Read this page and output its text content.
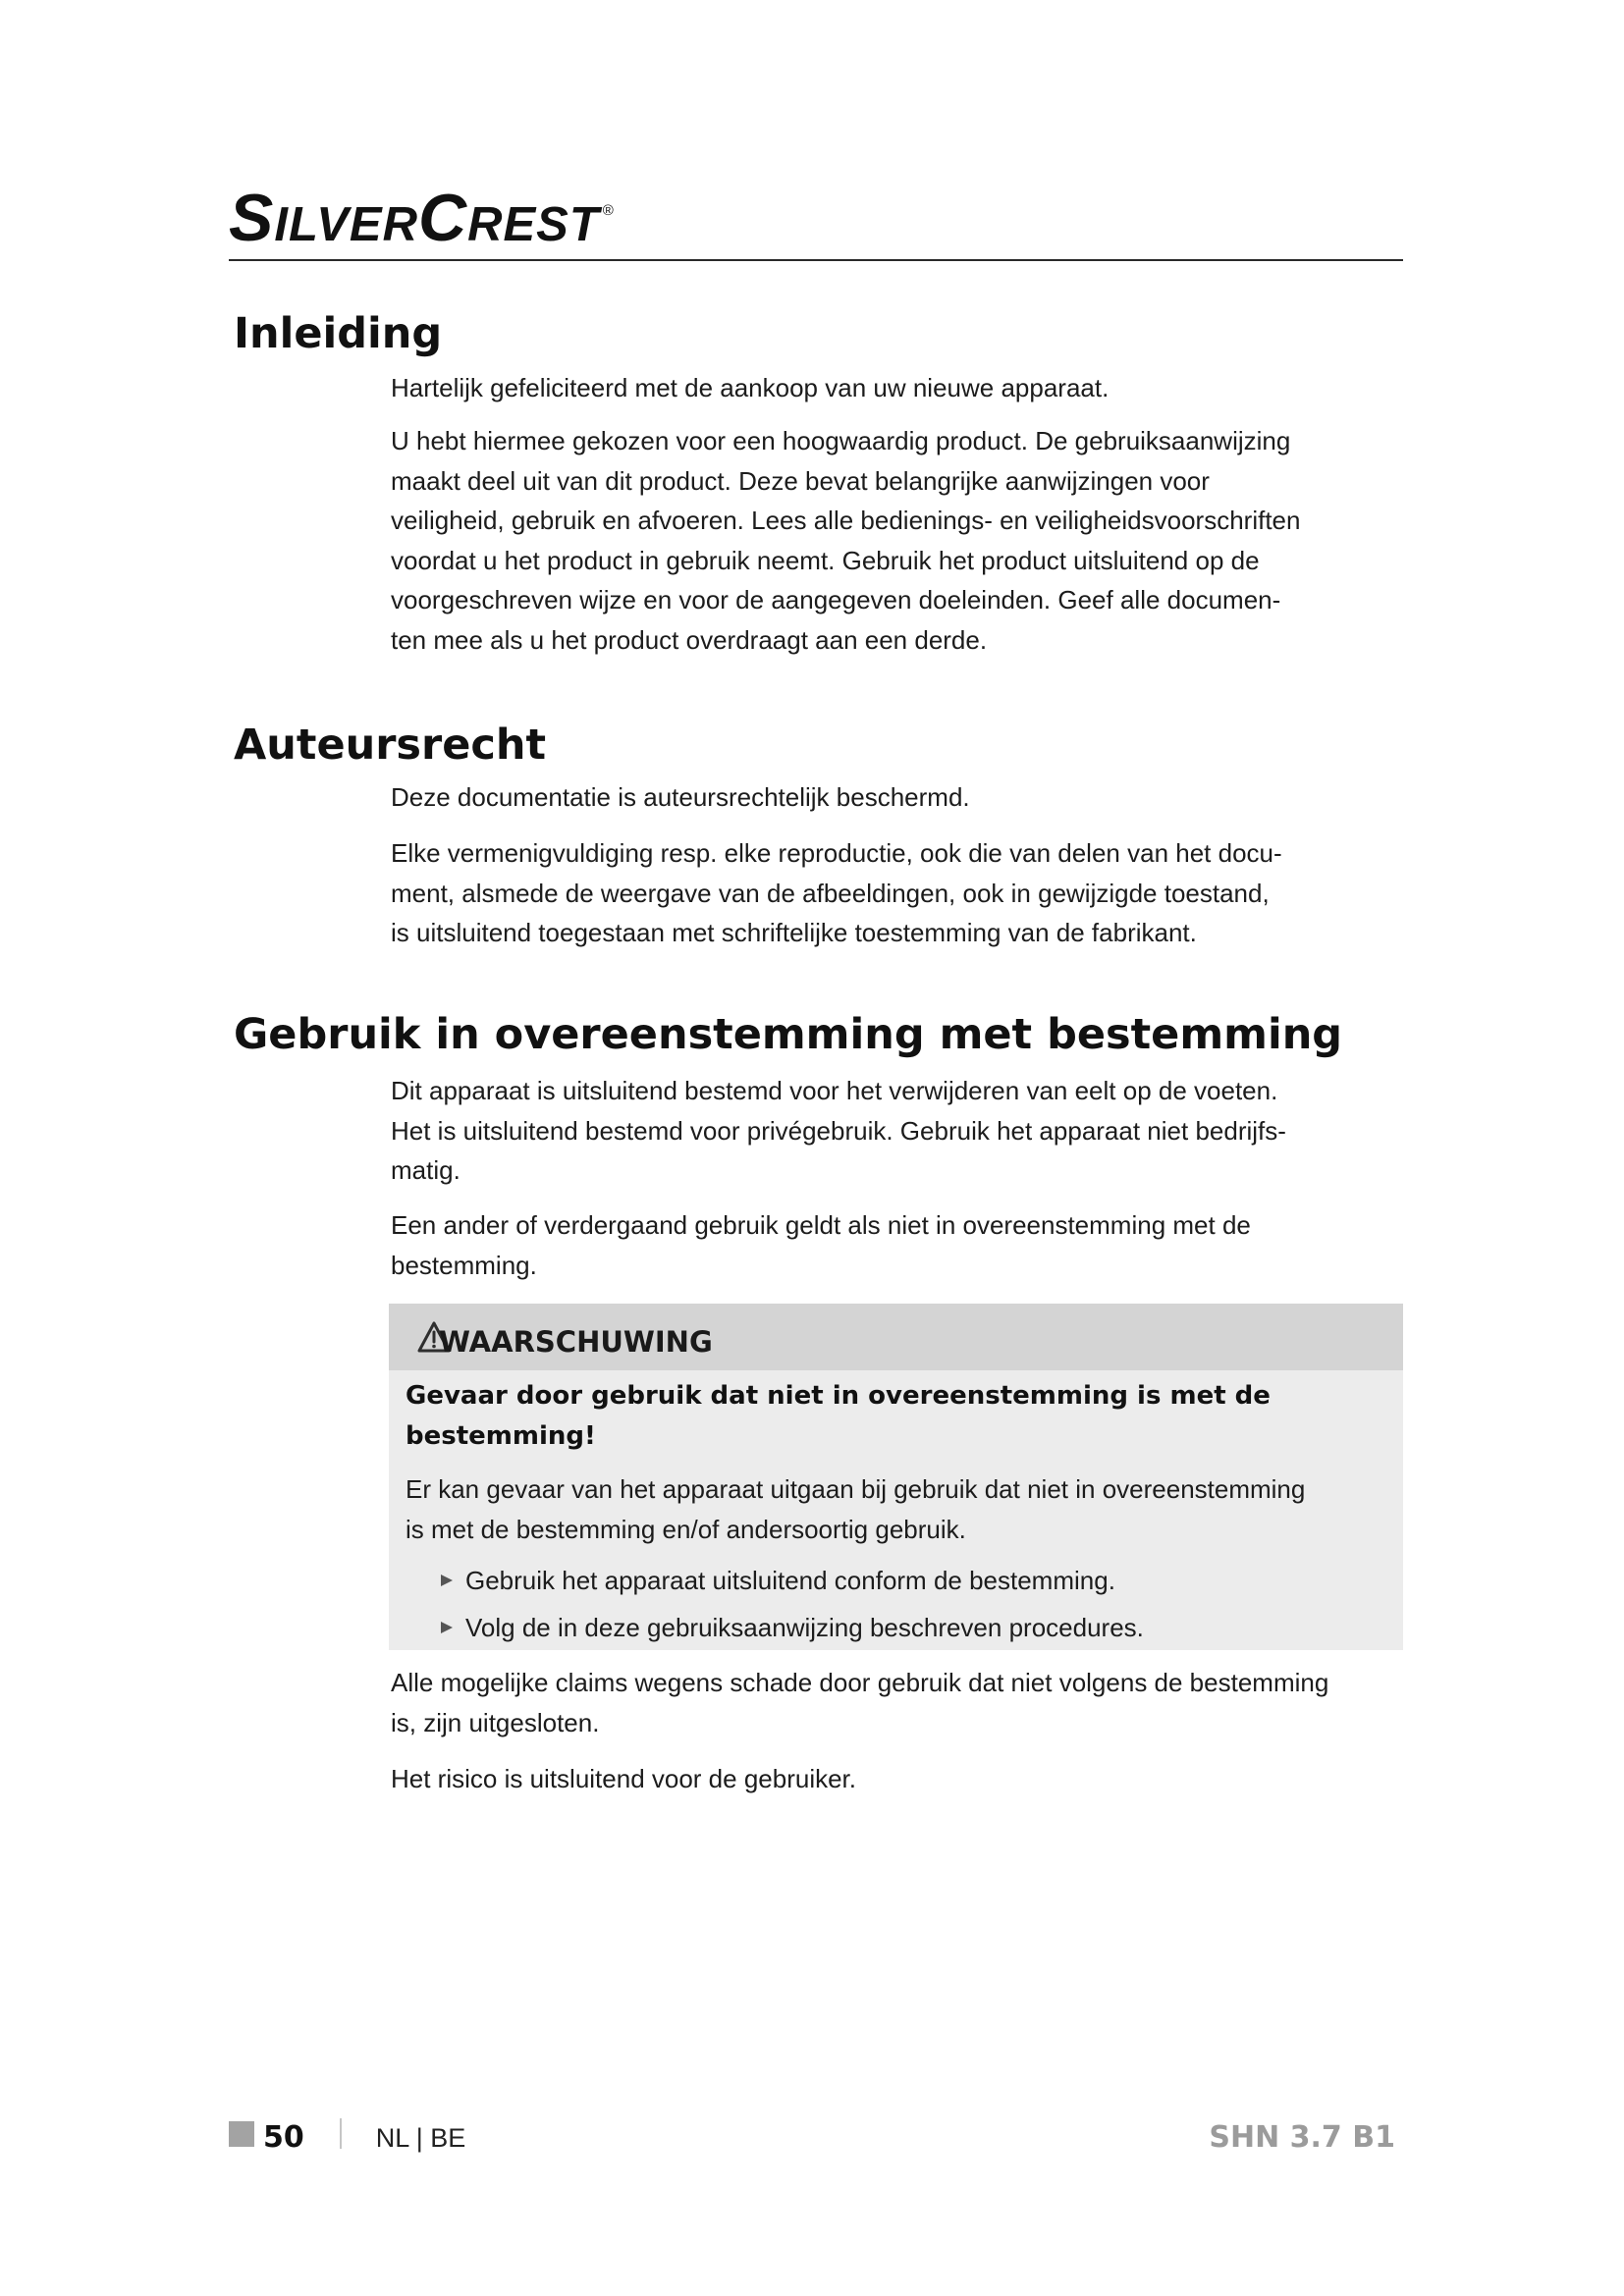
SILVERCREST ®
Inleiding
Hartelijk gefeliciteerd met de aankoop van uw nieuwe apparaat.
U hebt hiermee gekozen voor een hoogwaardig product. De gebruiksaanwijzing
maakt deel uit van dit product. Deze bevat belangrijke aanwijzingen voor
veiligheid, gebruik en afvoeren. Lees alle bedienings- en veiligheidsvoorschriften
voordat u het product in gebruik neemt. Gebruik het product uitsluitend op de
voorgeschreven wijze en voor de aangegeven doeleinden. Geef alle documen-
ten mee als u het product overdraagt aan een derde.
Auteursrecht
Deze documentatie is auteursrechtelijk beschermd.
Elke vermenigvuldiging resp. elke reproductie, ook die van delen van het docu-
ment, alsmede de weergave van de afbeeldingen, ook in gewijzigde toestand,
is uitsluitend toegestaan met schriftelijke toestemming van de fabrikant.
Gebruik in overeenstemming met bestemming
Dit apparaat is uitsluitend bestemd voor het verwijderen van eelt op de voeten.
Het is uitsluitend bestemd voor privégebruik. Gebruik het apparaat niet bedrijfs-
matig.
Een ander of verdergaand gebruik geldt als niet in overeenstemming met de
bestemming.
WAARSCHUWING
Gevaar door gebruik dat niet in overeenstemming is met de
bestemming!
Er kan gevaar van het apparaat uitgaan bij gebruik dat niet in overeenstemming
is met de bestemming en/of andersoortig gebruik.
Gebruik het apparaat uitsluitend conform de bestemming.
Volg de in deze gebruiksaanwijzing beschreven procedures.
Alle mogelijke claims wegens schade door gebruik dat niet volgens de bestemming
is, zijn uitgesloten.
Het risico is uitsluitend voor de gebruiker.
50	NL | BE	SHN 3.7 B1
